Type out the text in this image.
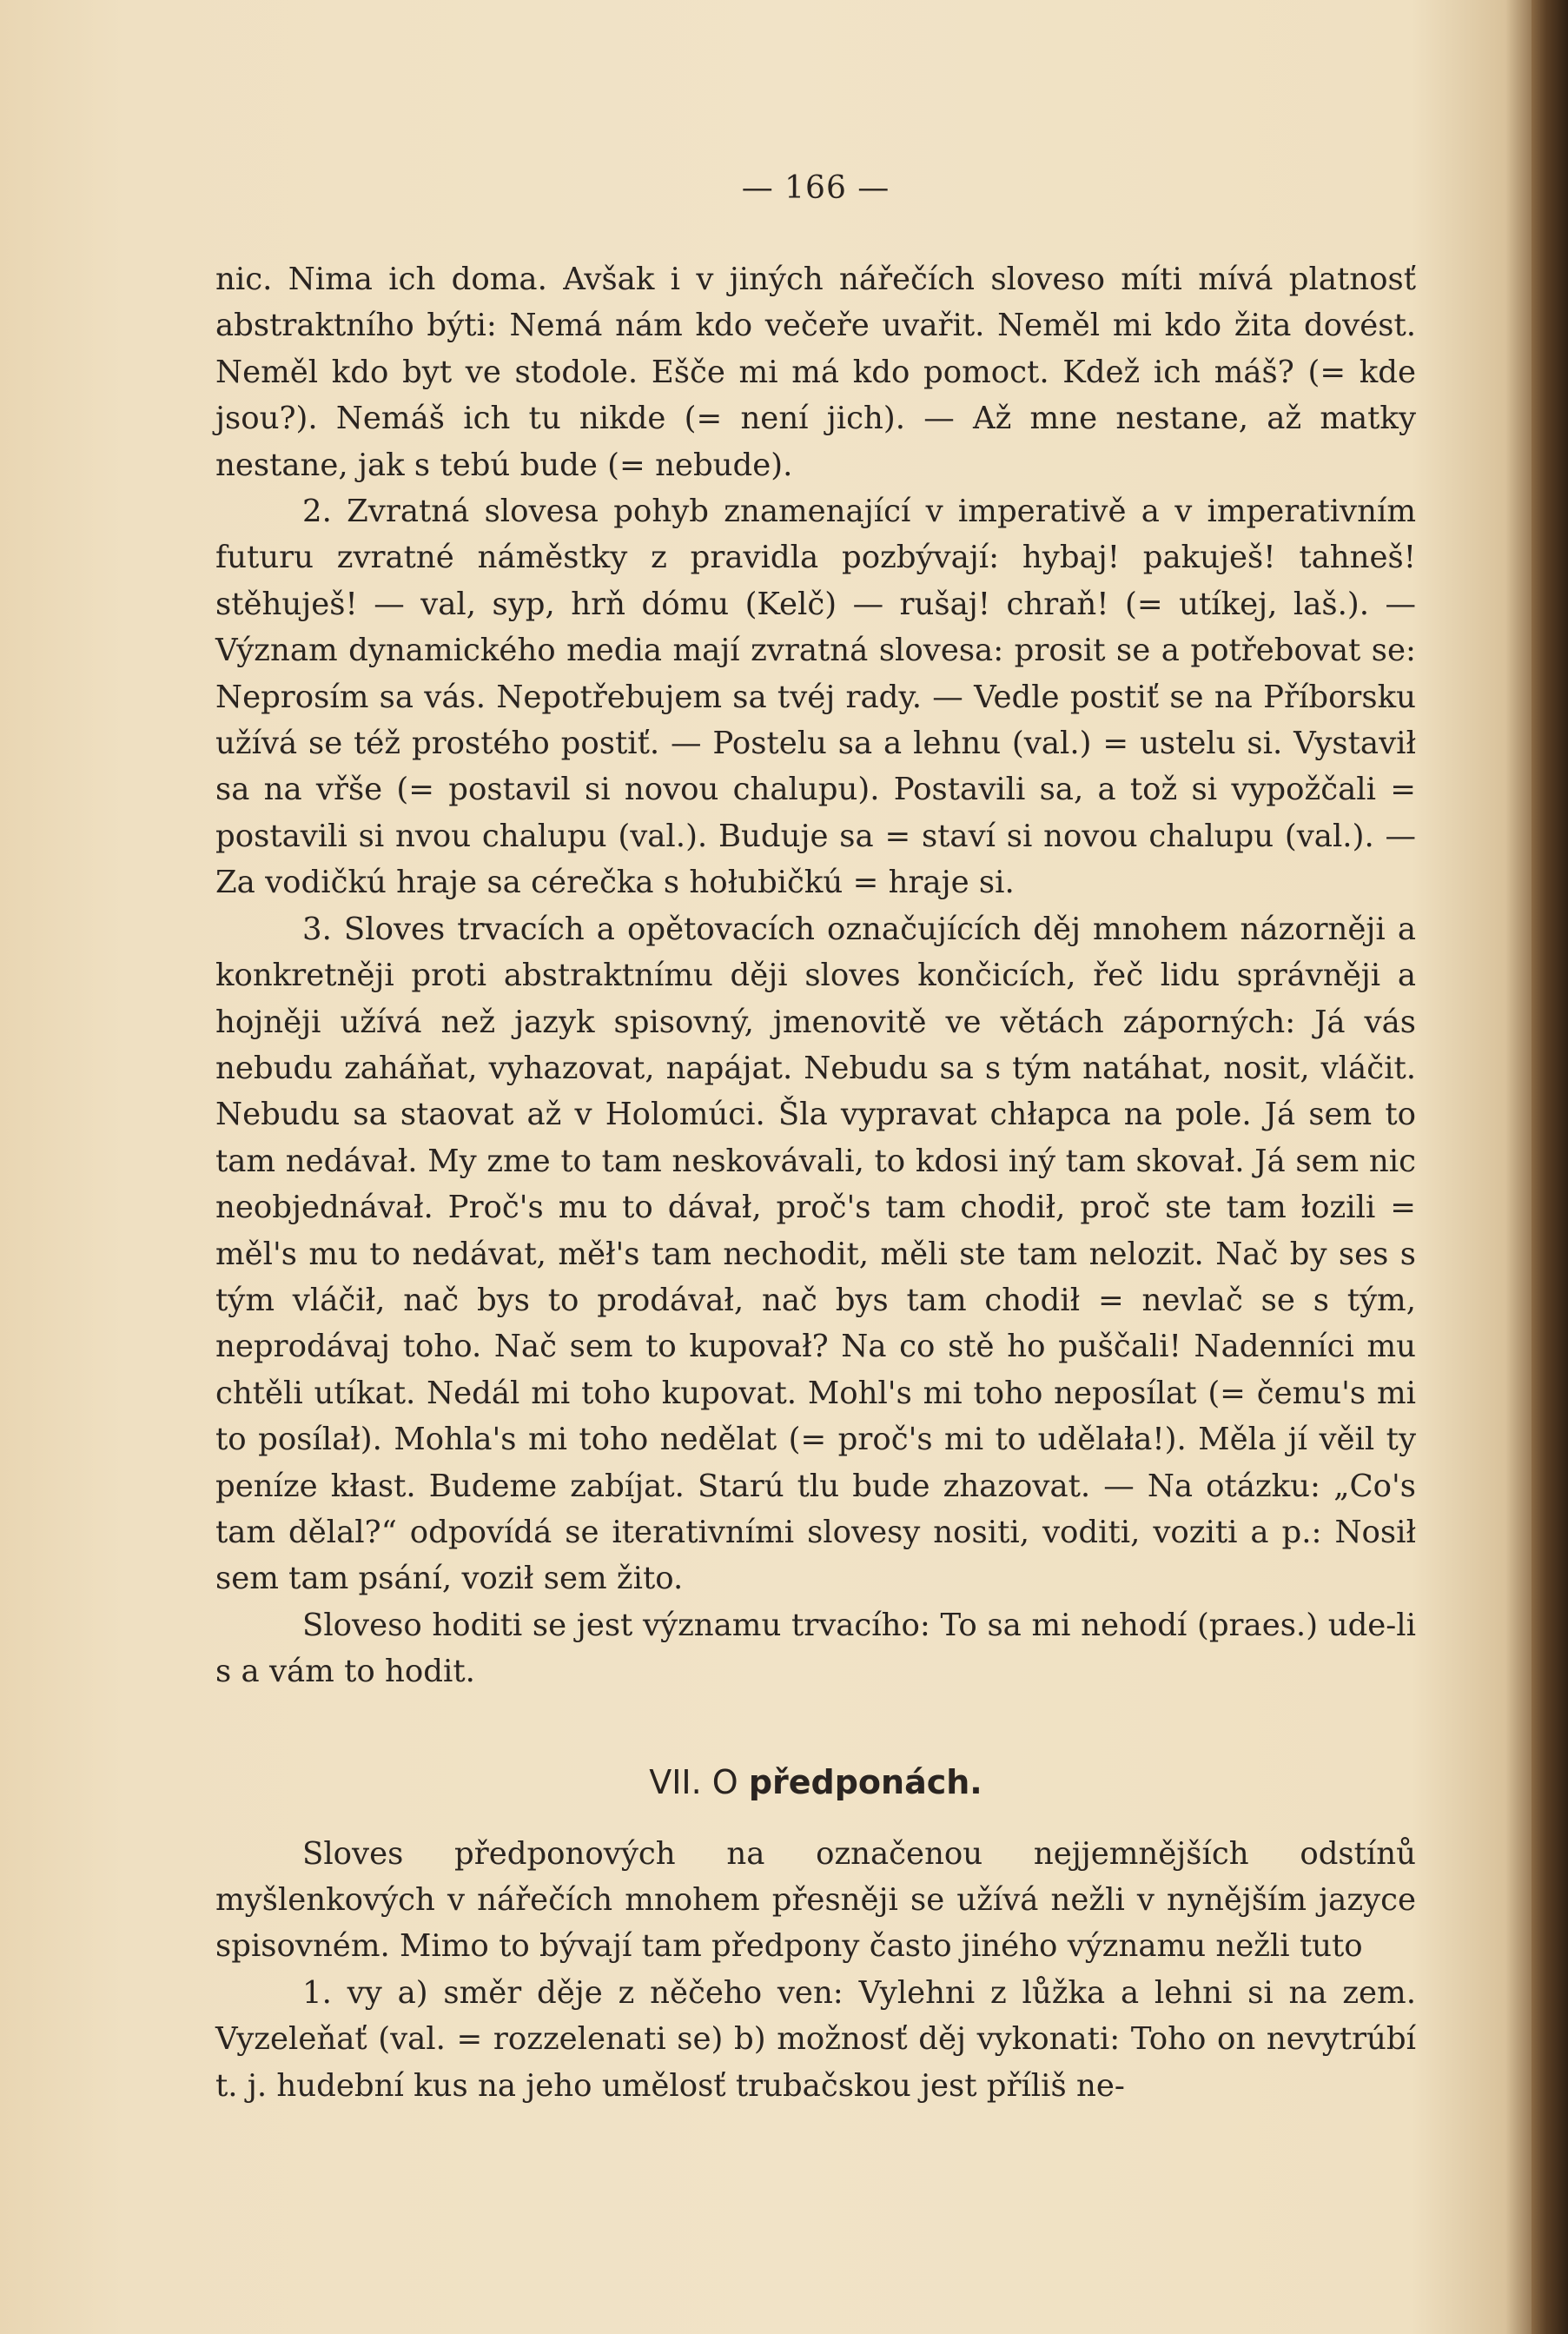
— 166 —

nic. Nima ich doma. Avšak i v jiných nářečích sloveso míti mívá platnosť abstraktního býti: Nemá nám kdo večeře uvařit. Neměl mi kdo žita dovést. Neměl kdo byt ve stodole. Ešče mi má kdo pomoct. Kdež ich máš? (= kde jsou?). Nemáš ich tu nikde (= není jich). — Až mne nestane, až matky nestane, jak s tebú bude (= nebude).

2. Zvratná slovesa pohyb znamenající v imperativě a v imperativním futuru zvratné náměstky z pravidla pozbývají: hybaj! pakuješ! tahneš! stěhuješ! — val, syp, hrň dómu (Kelč) — rušaj! chraň! (= utíkej, laš.). — Význam dynamického media mají zvratná slovesa: prosit se a potřebovat se: Neprosím sa vás. Nepotřebujem sa tvéj rady. — Vedle postiť se na Příborsku užívá se též prostého postiť. — Postelu sa a lehnu (val.) = ustelu si. Vystavił sa na vřše (= postavil si novou chalupu). Postavili sa, a tož si vypožčali = postavili si nvou chalupu (val.). Buduje sa = staví si novou chalupu (val.). — Za vodičkú hraje sa cérečka s hołubičkú = hraje si.

3. Sloves trvacích a opětovacích označujících děj mnohem názorněji a konkretněji proti abstraktnímu ději sloves končicích, řeč lidu správněji a hojněji užívá než jazyk spisovný, jmenovitě ve větách záporných: Já vás nebudu zaháňat, vyhazovat, napájat. Nebudu sa s tým natáhat, nosit, vláčit. Nebudu sa staovat až v Holomúci. Šla vypravat chłapca na pole. Já sem to tam nedávał. My zme to tam neskovávali, to kdosi iný tam skovał. Já sem nic neobjednávał. Proč's mu to dávał, proč's tam chodił, proč ste tam łozili = měl's mu to nedávat, měł's tam nechodit, měli ste tam nelozit. Nač by ses s tým vláčił, nač bys to prodávał, nač bys tam chodił = nevlač se s tým, neprodávaj toho. Nač sem to kupovał? Na co stě ho puščali! Nadenníci mu chtěli utíkat. Nedál mi toho kupovat. Mohl's mi toho neposílat (= čemu's mi to posílał). Mohla's mi toho nedělat (= proč's mi to udělała!). Měla jí věil ty peníze kłast. Budeme zabíjat. Starú tlu bude zhazovat. — Na otázku: „Co's tam dělal?“ odpovídá se iterativními slovesy nositi, voditi, voziti a p.: Nosił sem tam psání, voził sem žito.

Sloveso hoditi se jest významu trvacího: To sa mi nehodí (praes.) ude-li s a vám to hodit.

VII. O předponách.

Sloves předponových na označenou nejjemnějších odstínů myšlenkových v nářečích mnohem přesněji se užívá nežli v nynějším jazyce spisovném. Mimo to bývají tam předpony často jiného významu nežli tuto

1. vy a) směr děje z něčeho ven: Vylehni z lůžka a lehni si na zem. Vyzeleňať (val. = rozzelenati se) b) možnosť děj vykonati: Toho on nevytrúbí t. j. hudební kus na jeho umělosť trubačskou jest příliš ne-
